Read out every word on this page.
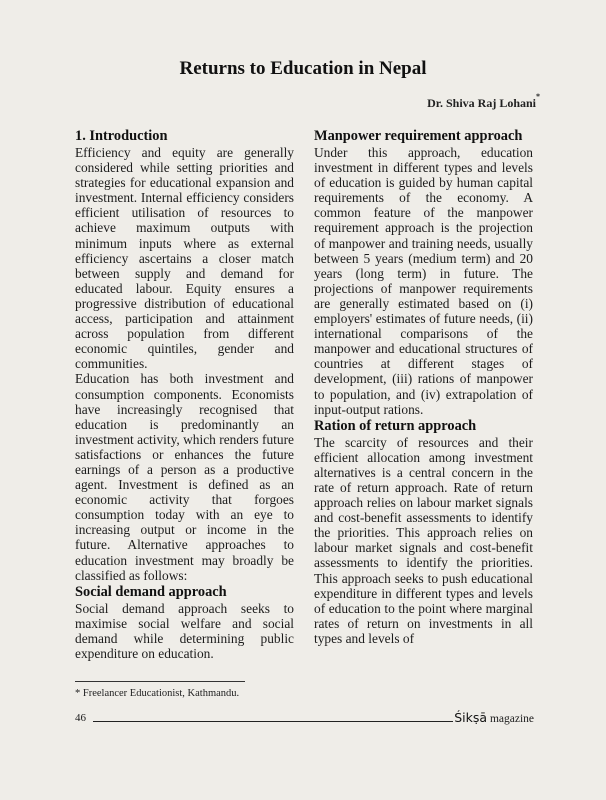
Returns to Education in Nepal
Dr. Shiva Raj Lohani*
1. Introduction

Efficiency and equity are generally considered while setting priorities and strategies for educational expansion and investment. Internal efficiency considers efficient utilisation of resources to achieve maximum outputs with minimum inputs where as external efficiency ascertains a closer match between supply and demand for educated labour. Equity ensures a progressive distribution of educational access, participation and attainment across population from different economic quintiles, gender and communities.

Education has both investment and consumption components. Economists have increasingly recognised that education is predominantly an investment activity, which renders future satisfactions or enhances the future earnings of a person as a productive agent. Investment is defined as an economic activity that forgoes consumption today with an eye to increasing output or income in the future. Alternative approaches to education investment may broadly be classified as follows:

Social demand approach

Social demand approach seeks to maximise social welfare and social demand while determining public expenditure on education.

Manpower requirement approach

Under this approach, education investment in different types and levels of education is guided by human capital requirements of the economy. A common feature of the manpower requirement approach is the projection of manpower and training needs, usually between 5 years (medium term) and 20 years (long term) in future. The projections of manpower requirements are generally estimated based on (i) employers' estimates of future needs, (ii) international comparisons of the manpower and educational structures of countries at different stages of development, (iii) rations of manpower to population, and (iv) extrapolation of input-output rations.

Ration of return approach

The scarcity of resources and their efficient allocation among investment alternatives is a central concern in the rate of return approach. Rate of return approach relies on labour market signals and cost-benefit assessments to identify the priorities. This approach relies on labour market signals and cost-benefit assessments to identify the priorities. This approach seeks to push educational expenditure in different types and levels of education to the point where marginal rates of return on investments in all types and levels of

* Freelancer Educationist, Kathmandu.
46	Śikṣā magazine
